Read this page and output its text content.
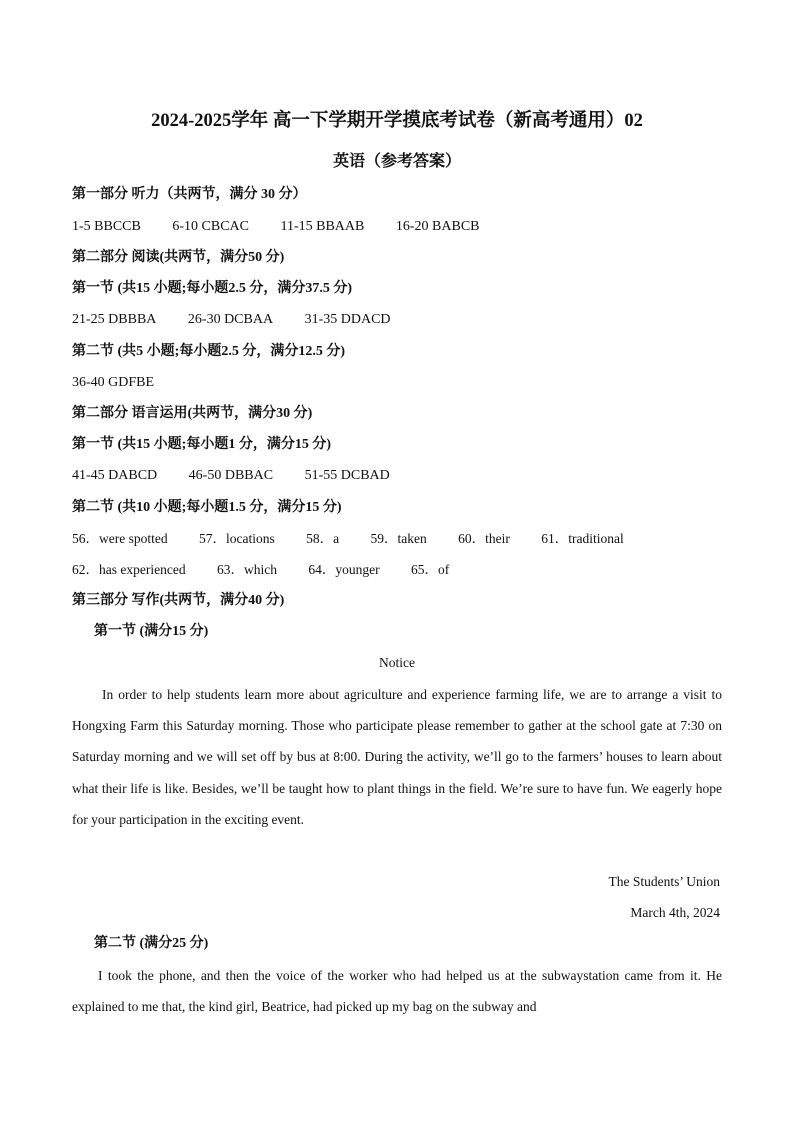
2024-2025学年 高一下学期开学摸底考试卷（新高考通用）02
英语（参考答案）
第一部分 听力（共两节，满分 30 分）
1-5 BBCCB 6-10 CBCAC 11-15 BBAAB 16-20 BABCB
第二部分 阅读(共两节，满分50 分)
第一节 (共15 小题;每小题2.5 分，满分37.5 分)
21-25 DBBBA 26-30 DCBAA 31-35 DDACD
第二节 (共5 小题;每小题2.5 分，满分12.5 分)
36-40 GDFBE
第二部分 语言运用(共两节，满分30 分)
第一节 (共15 小题;每小题1 分，满分15 分)
41-45 DABCD 46-50 DBBAC 51-55 DCBAD
第二节 (共10 小题;每小题1.5 分，满分15 分)
56．were spotted 57．locations 58．a 59．taken 60．their 61．traditional
62．has experienced 63．which 64．younger 65．of
第三部分 写作(共两节，满分40 分)
第一节 (满分15 分)
Notice

In order to help students learn more about agriculture and experience farming life, we are to arrange a visit to Hongxing Farm this Saturday morning. Those who participate please remember to gather at the school gate at 7:30 on Saturday morning and we will set off by bus at 8:00. During the activity, we’ll go to the farmers’ houses to learn about what their life is like. Besides, we’ll be taught how to plant things in the field. We’re sure to have fun. We eagerly hope for your participation in the exciting event.

The Students’ Union
March 4th, 2024
第二节 (满分25 分)

I took the phone, and then the voice of the worker who had helped us at the subwaystation came from it. He explained to me that, the kind girl, Beatrice, had picked up my bag on the subway and
